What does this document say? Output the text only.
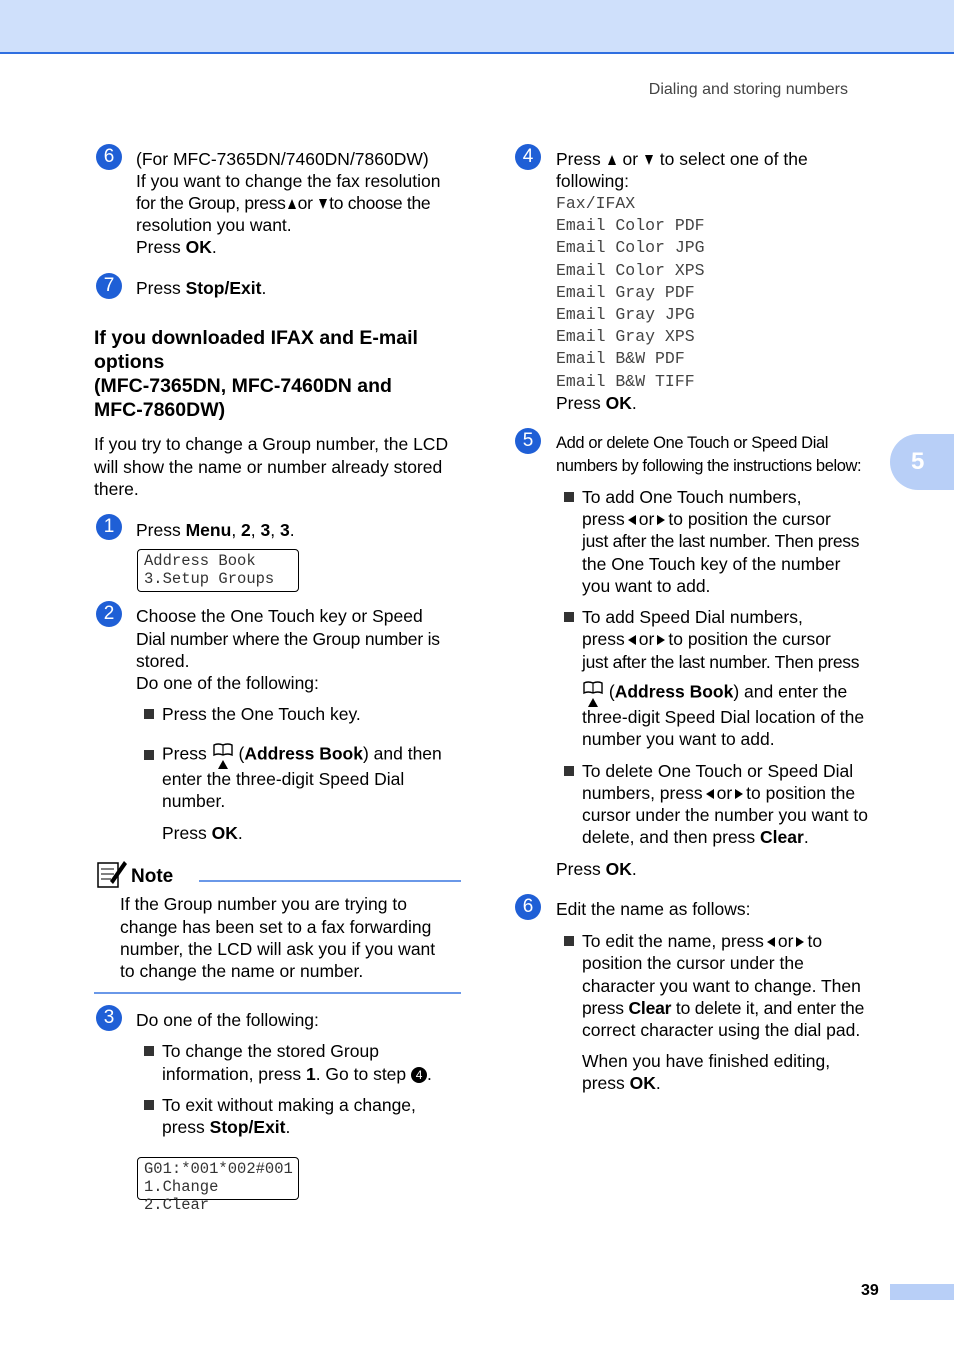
Dialing and storing numbers
5
6	(For MFC-7365DN/7460DN/7860DW)
If you want to change the fax resolution
for the Group, press or to choose the
resolution you want.
Press OK.
7	Press Stop/Exit.
If you downloaded IFAX and E-mail
options
(MFC-7365DN, MFC-7460DN and
MFC-7860DW)
If you try to change a Group number, the LCD
will show the name or number already stored
there.
1	Press Menu, 2, 3, 3.
Address Book
3.Setup Groups
2	Choose the One Touch key or Speed
Dial number where the Group number is
stored.
Do one of the following:
Press the One Touch key.
Press (Address Book) and then
enter the three-digit Speed Dial
number.
Press OK.
Note
If the Group number you are trying to
change has been set to a fax forwarding
number, the LCD will ask you if you want
to change the name or number.
3	Do one of the following:
To change the stored Group
information, press 1. Go to step 4 .
To exit without making a change,
press Stop/Exit.
G01:*001*002#001
1.Change 2.Clear
4	Press or to select one of the
following:
Fax/IFAX
Email Color PDF
Email Color JPG
Email Color XPS
Email Gray PDF
Email Gray JPG
Email Gray XPS
Email B&W PDF
Email B&W TIFF
Press OK.
5	Add or delete One Touch or Speed Dial
numbers by following the instructions below:
To add One Touch numbers,
press or to position the cursor
just after the last number. Then press
the One Touch key of the number
you want to add.
To add Speed Dial numbers,
press or to position the cursor
just after the last number. Then press
(Address Book) and enter the
three-digit Speed Dial location of the
number you want to add.
To delete One Touch or Speed Dial
numbers, press or to position the
cursor under the number you want to
delete, and then press Clear.
Press OK.
6	Edit the name as follows:
To edit the name, press or to
position the cursor under the
character you want to change. Then
press Clear to delete it, and enter the
correct character using the dial pad.
When you have finished editing,
press OK.
39
